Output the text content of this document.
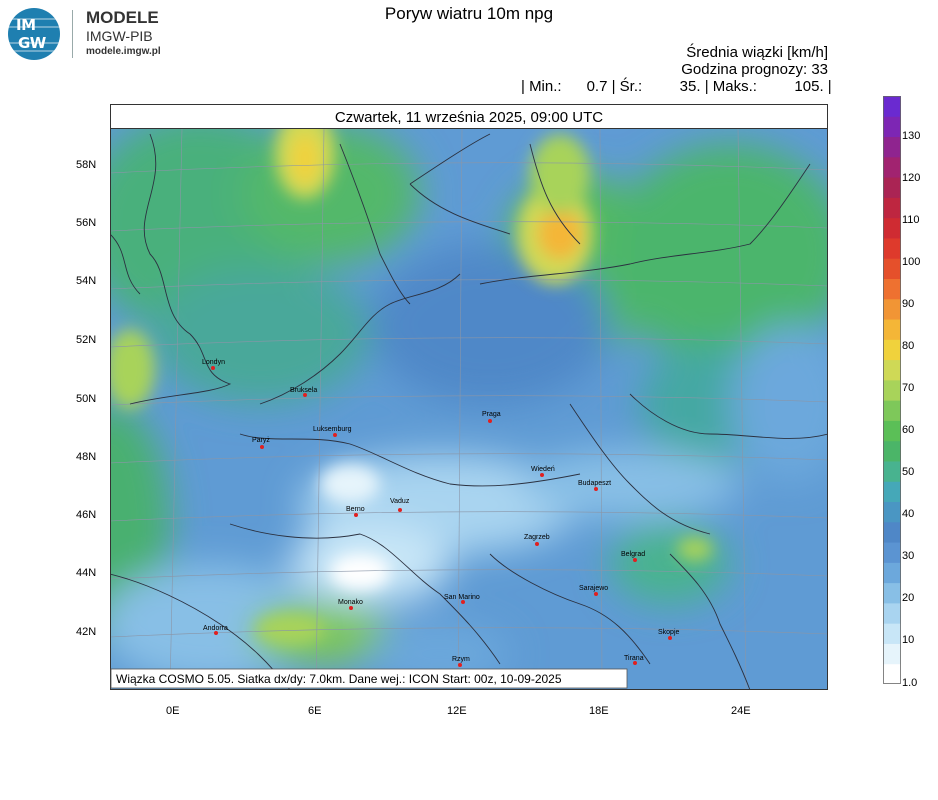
IM
GW
MODELE
IMGW-PIB
modele.imgw.pl
Poryw wiatru 10m npg
Średnia wiązki [km/h]
Godzina prognozy: 33
| Min.:      0.7 | Śr.:         35. | Maks.:         105. |
Czwartek, 11 września 2025, 09:00 UTC
Wiązka COSMO 5.05. Siatka dx/dy: 7.0km. Dane wej.: ICON Start: 00z, 10-09-2025
Londyn
Bruksela
Paryż
Luksemburg
Praga
Wiedeń
Budapeszt
Berno
Vaduz
Zagrzeb
Belgrad
Sarajewo
Monako
San Marino
Andorra
Skopje
Rzym	Tirana
58N
56N
54N
52N
50N
48N
46N
44N
42N
0E	6E	12E	18E	24E
130
120
110
100
90
80
70
60
50
40
30
20
10
1.0
